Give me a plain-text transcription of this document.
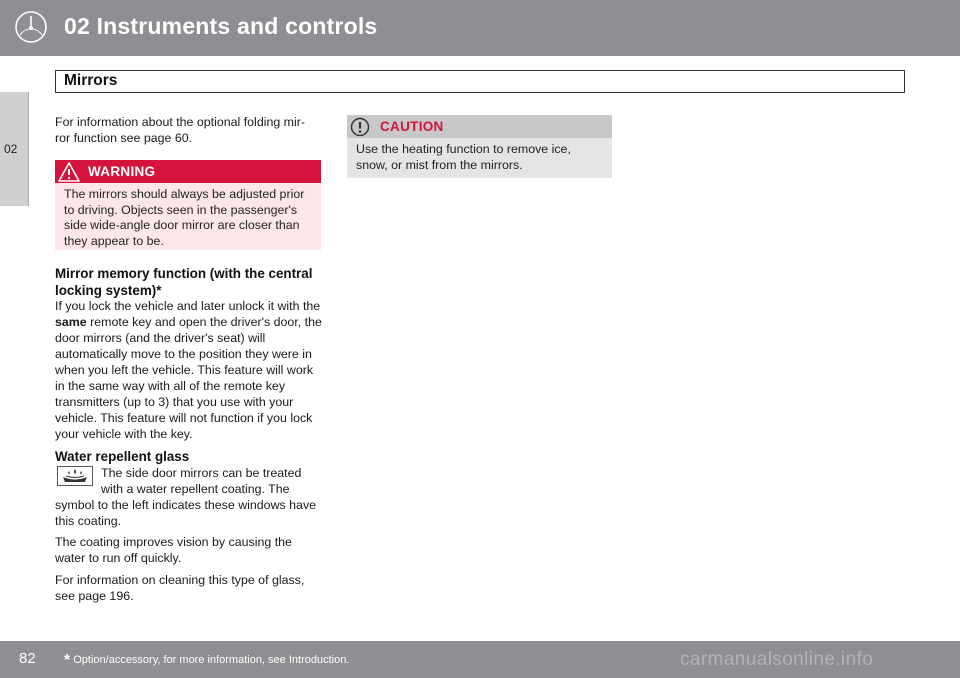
02 Instruments and controls
Mirrors
02

For information about the optional folding mir-

ror function see page 60.

WARNING
The mirrors should always be adjusted prior to driving. Objects seen in the passenger's side wide-angle door mirror are closer than they appear to be.
Mirror memory function (with the central locking system)*
If you lock the vehicle and later unlock it with the same remote key and open the driver's door, the door mirrors (and the driver's seat) will automatically move to the position they were in when you left the vehicle. This feature will work in the same way with all of the remote key transmitters (up to 3) that you use with your vehicle. This feature will not function if you lock your vehicle with the key.
Water repellent glass
The side door mirrors can be treated with a water repellent coating. The
symbol to the left indicates these windows have this coating.
The coating improves vision by causing the water to run off quickly.
For information on cleaning this type of glass, see page 196.
CAUTION
Use the heating function to remove ice, snow, or mist from the mirrors.
82 * Option/accessory, for more information, see Introduction.	carmanualsonline.info
